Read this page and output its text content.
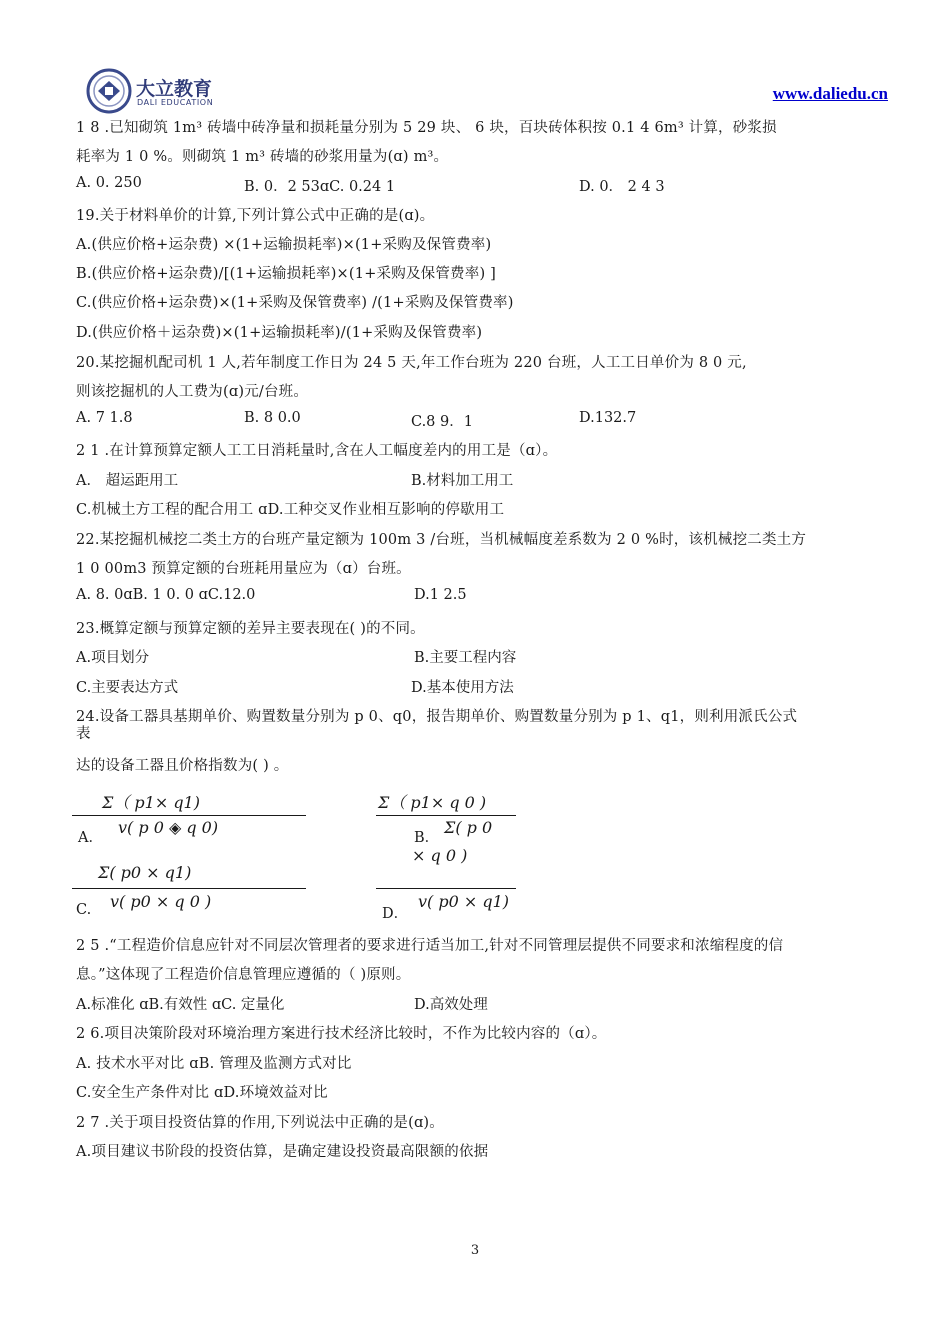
大立教育
DALI EDUCATION	www.daliedu.cn
1 8 .已知砌筑 1m³ 砖墙中砖净量和损耗量分别为 5 29 块、 6 块，百块砖体积按 0.1 4 6m³ 计算，砂浆损
耗率为 1 0 %。则砌筑 1 m³ 砖墙的砂浆用量为(ɑ) m³。
A. 0. 250	B. 0．2 53ɑC. 0.24 1	D. 0． 2 4 3
19.关于材料单价的计算,下列计算公式中正确的是(ɑ)。
A.(供应价格+运杂费) ×(1+运输损耗率)×(1+采购及保管费率)
B.(供应价格+运杂费)/[(1+运输损耗率)×(1+采购及保管费率) ]
C.(供应价格+运杂费)×(1+采购及保管费率) /(1+采购及保管费率)
D.(供应价格＋运杂费)×(1+运输损耗率)/(1+采购及保管费率)
20.某挖掘机配司机 1 人,若年制度工作日为 24 5 天,年工作台班为 220 台班，人工工日单价为 8 0 元,
则该挖掘机的人工费为(ɑ)元/台班。
A. 7 1.8	B. 8 0.0	C.8 9．1	D.132.7
2 1 .在计算预算定额人工工日消耗量时,含在人工幅度差内的用工是（ɑ）。
A． 超运距用工	B.材料加工用工
C.机械土方工程的配合用工 ɑD.工种交叉作业相互影响的停歇用工
22.某挖掘机械挖二类土方的台班产量定额为 100m 3 /台班，当机械幅度差系数为 2 0 %时，该机械挖二类土方
1 0 00m3 预算定额的台班耗用量应为（ɑ）台班。
A. 8. 0ɑB. 1 0. 0 ɑC.12.0	D.1 2.5
23.概算定额与预算定额的差异主要表现在( )的不同。
A.项目划分	B.主要工程内容
C.主要表达方式	D.基本使用方法
24.设备工器具基期单价、购置数量分别为 p 0、q0，报告期单价、购置数量分别为 p 1、q1，则利用派氏公式
表
达的设备工器且价格指数为( ) 。
Σ（ p1× q1)
A．
ⅴ( p 0 ◈ q 0)
Σ（ p1× q 0 )
B．
Σ( p 0
× q 0 )
Σ( p0 × q1)
C. ⅴ( p0 × q 0 )
D．
ⅴ( p0 × q1)
2 5 .“工程造价信息应针对不同层次管理者的要求进行适当加工,针对不同管理层提供不同要求和浓缩程度的信
息。”这体现了工程造价信息管理应遵循的（ )原则。
A.标准化 ɑB.有效性 ɑC. 定量化	D.高效处理
2 6.项目决策阶段对环境治理方案进行技术经济比较时，不作为比较内容的（ɑ）。
A. 技术水平对比 ɑB. 管理及监测方式对比
C.安全生产条件对比 ɑD.环境效益对比
2 7 .关于项目投资估算的作用,下列说法中正确的是(ɑ)。
A.项目建议书阶段的投资估算，是确定建设投资最高限额的依据
3
